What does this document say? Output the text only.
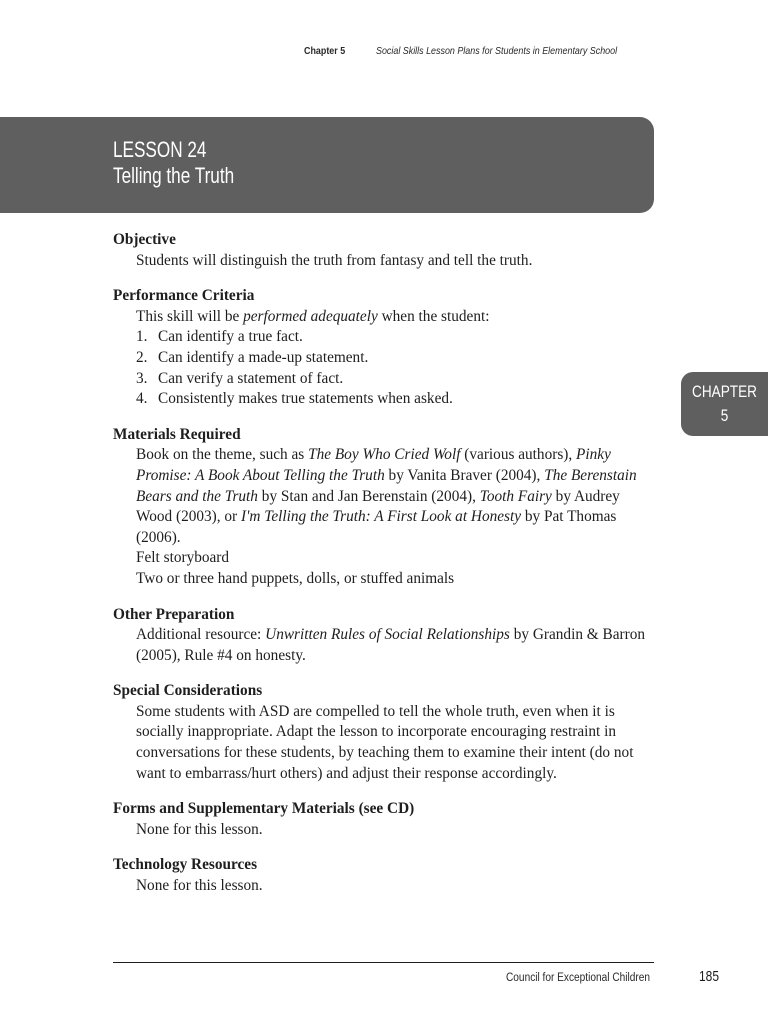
Chapter 5	Social Skills Lesson Plans for Students in Elementary School
LESSON 24
Telling the Truth
CHAPTER
5

Objective

Students will distinguish the truth from fantasy and tell the truth.

Performance Criteria

This skill will be performed adequately when the student:

1. Can identify a true fact.
2. Can identify a made-up statement.
3. Can verify a statement of fact.
4. Consistently makes true statements when asked.

Materials Required

Book on the theme, such as The Boy Who Cried Wolf (various authors), Pinky Promise: A Book About Telling the Truth by Vanita Braver (2004), The Berenstain Bears and the Truth by Stan and Jan Berenstain (2004), Tooth Fairy by Audrey Wood (2003), or I'm Telling the Truth: A First Look at Honesty by Pat Thomas (2006).

Felt storyboard

Two or three hand puppets, dolls, or stuffed animals

Other Preparation

Additional resource: Unwritten Rules of Social Relationships by Grandin & Barron (2005), Rule #4 on honesty.

Special Considerations

Some students with ASD are compelled to tell the whole truth, even when it is socially inappropriate. Adapt the lesson to incorporate encouraging restraint in conversations for these students, by teaching them to examine their intent (do not want to embarrass/hurt others) and adjust their response accordingly.

Forms and Supplementary Materials (see CD)

None for this lesson.

Technology Resources

None for this lesson.

Council for Exceptional Children	185
